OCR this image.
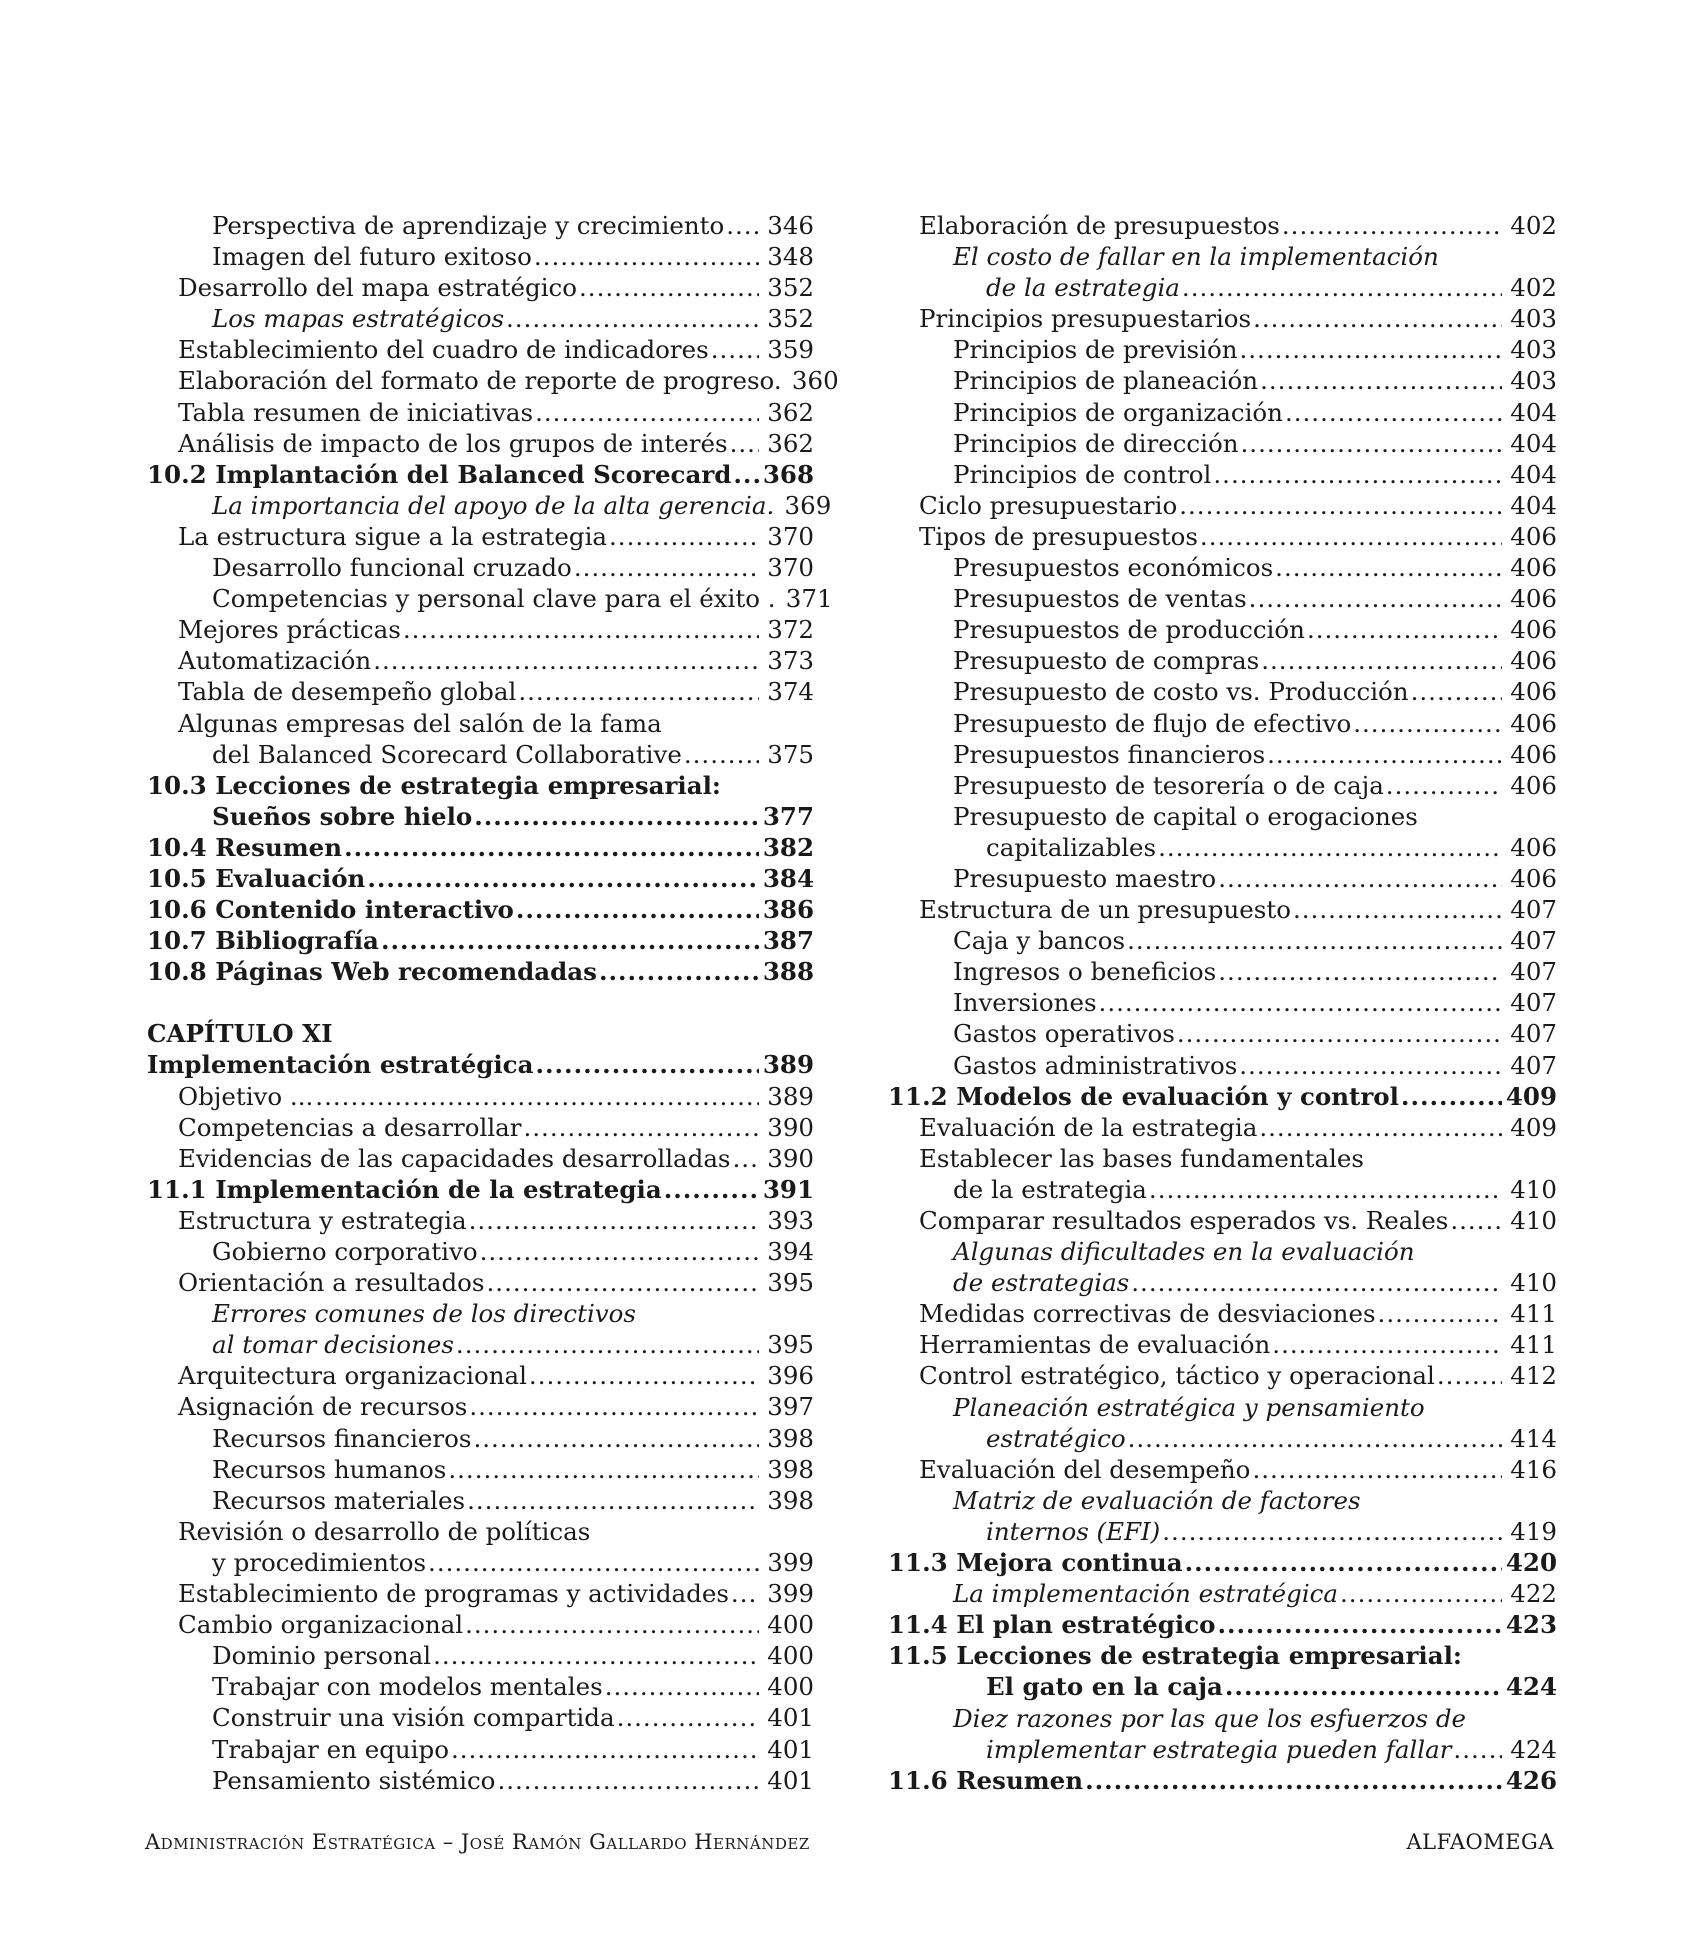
Perspectiva de aprendizaje y crecimiento .....	346
Imagen del futuro exitoso .....	348
Desarrollo del mapa estratégico .....	352
Los mapas estratégicos .....	352
Establecimiento del cuadro de indicadores .....	359
Elaboración del formato de reporte de progreso. 360
Tabla resumen de iniciativas .....	362
Análisis de impacto de los grupos de interés .....	362
10.2 Implantación del Balanced Scorecard ..... 368
La importancia del apoyo de la alta gerencia. 369
La estructura sigue a la estrategia .....	370
Desarrollo funcional cruzado .....	370
Competencias y personal clave para el éxito . 371
Mejores prácticas .....	372
Automatización .....	373
Tabla de desempeño global .....	374
Algunas empresas del salón de la fama
del Balanced Scorecard Collaborative .....	375
10.3 Lecciones de estrategia empresarial:
Sueños sobre hielo .....	377
10.4 Resumen .....	382
10.5 Evaluación .....	384
10.6 Contenido interactivo .....	386
10.7 Bibliografía .....	387
10.8 Páginas Web recomendadas .....	388
CAPÍTULO XI
Implementación estratégica .....	389
Objetivo ... .....	389
Competencias a desarrollar .....	390
Evidencias de las capacidades desarrolladas .....	390
11.1 Implementación de la estrategia .....	391
Estructura y estrategia .....	393
Gobierno corporativo .....	394
Orientación a resultados .....	395
Errores comunes de los directivos
al tomar decisiones .....	395
Arquitectura organizacional .....	396
Asignación de recursos .....	397
Recursos financieros .....	398
Recursos humanos .....	398
Recursos materiales .....	398
Revisión o desarrollo de políticas
y procedimientos .....	399
Establecimiento de programas y actividades .....	399
Cambio organizacional .....	400
Dominio personal .....	400
Trabajar con modelos mentales .....	400
Construir una visión compartida .....	401
Trabajar en equipo .....	401
Pensamiento sistémico .....	401
Elaboración de presupuestos .....	402
El costo de fallar en la implementación
de la estrategia .....	402
Principios presupuestarios .....	403
Principios de previsión .....	403
Principios de planeación .....	403
Principios de organización .....	404
Principios de dirección .....	404
Principios de control .....	404
Ciclo presupuestario .....	404
Tipos de presupuestos .....	406
Presupuestos económicos .....	406
Presupuestos de ventas .....	406
Presupuestos de producción .....	406
Presupuesto de compras .....	406
Presupuesto de costo vs. Producción .....	406
Presupuesto de flujo de efectivo .....	406
Presupuestos financieros .....	406
Presupuesto de tesorería o de caja .....	406
Presupuesto de capital o erogaciones
capitalizables .....	406
Presupuesto maestro .....	406
Estructura de un presupuesto .....	407
Caja y bancos .....	407
Ingresos o beneficios .....	407
Inversiones .....	407
Gastos operativos .....	407
Gastos administrativos .....	407
11.2 Modelos de evaluación y control .....	409
Evaluación de la estrategia .....	409
Establecer las bases fundamentales
de la estrategia .....	410
Comparar resultados esperados vs. Reales .....	410
Algunas dificultades en la evaluación
de estrategias .....	410
Medidas correctivas de desviaciones .....	411
Herramientas de evaluación .....	411
Control estratégico, táctico y operacional .....	412
Planeación estratégica y pensamiento
estratégico .....	414
Evaluación del desempeño .....	416
Matriz de evaluación de factores
internos (EFI) .....	419
11.3 Mejora continua .....	420
La implementación estratégica .....	422
11.4 El plan estratégico .....	423
11.5 Lecciones de estrategia empresarial:
El gato en la caja .....	424
Diez razones por las que los esfuerzos de
implementar estrategia pueden fallar .....	424
11.6 Resumen .....	426
Administración Estratégica – José Ramón Gallardo Hernández	ALFAOMEGA
